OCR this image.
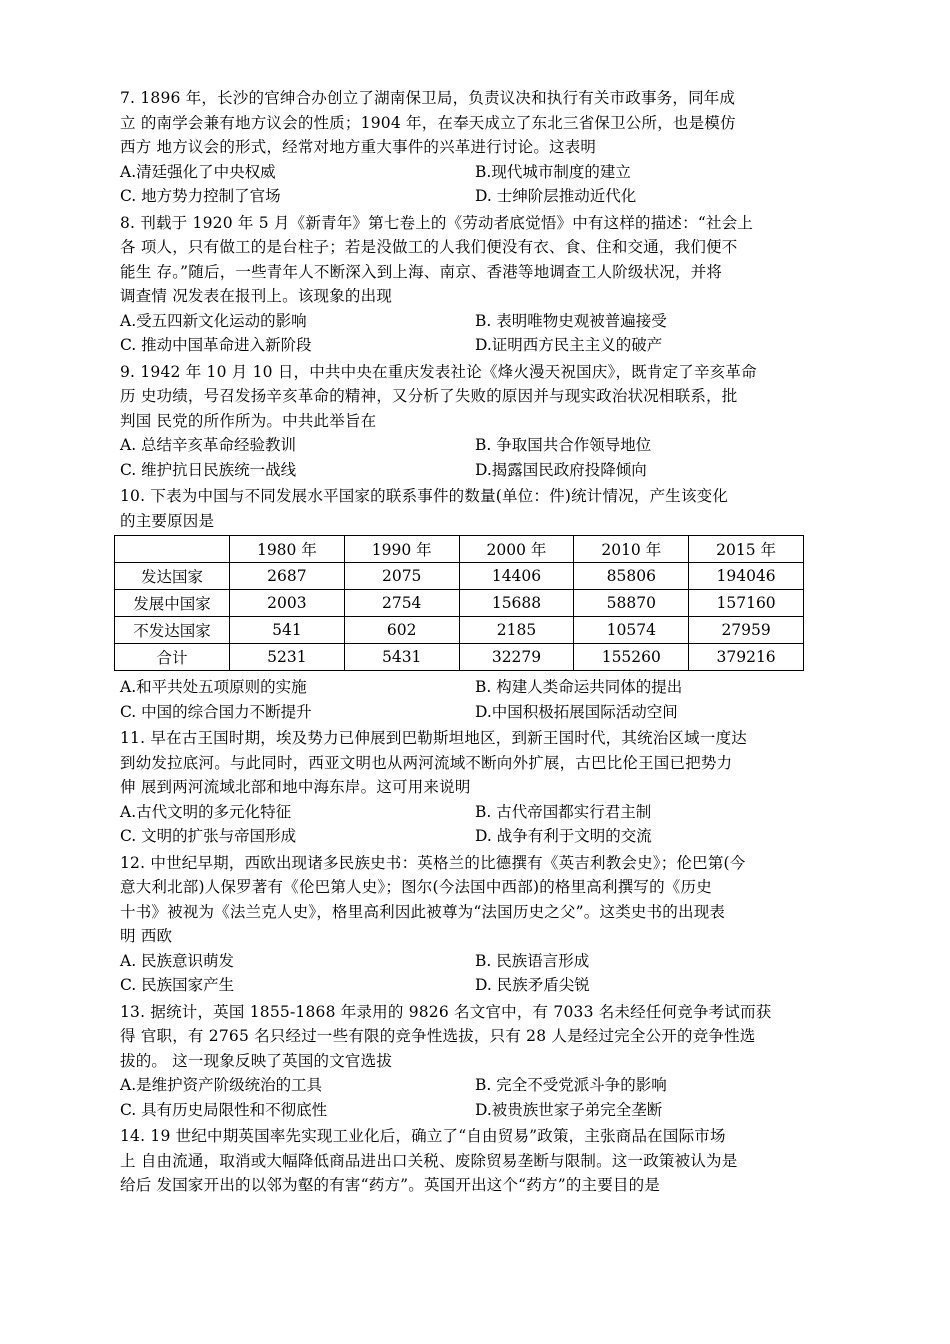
7. 1896 年，长沙的官绅合办创立了湖南保卫局，负责议决和执行有关市政事务，同年成
立 的南学会兼有地方议会的性质；1904 年，在奉天成立了东北三省保卫公所，也是模仿
西方 地方议会的形式，经常对地方重大事件的兴革进行讨论。这表明
A.清廷强化了中央权威	B.现代城市制度的建立
C. 地方势力控制了官场	D. 士绅阶层推动近代化
8. 刊载于 1920 年 5 月《新青年》第七卷上的《劳动者底觉悟》中有这样的描述：“社会上
各 项人，只有做工的是台柱子；若是没做工的人我们便没有衣、食、住和交通，我们便不
能生 存。”随后，一些青年人不断深入到上海、南京、香港等地调查工人阶级状况，并将
调查情 况发表在报刊上。该现象的出现
A.受五四新文化运动的影响	B. 表明唯物史观被普遍接受
C. 推动中国革命进入新阶段	D.证明西方民主主义的破产
9. 1942 年 10 月 10 日，中共中央在重庆发表社论《烽火漫天祝国庆》，既肯定了辛亥革命
历 史功绩，号召发扬辛亥革命的精神，又分析了失败的原因并与现实政治状况相联系，批
判国 民党的所作所为。中共此举旨在
A. 总结辛亥革命经验教训	B. 争取国共合作领导地位
C. 维护抗日民族统一战线	D.揭露国民政府投降倾向
10. 下表为中国与不同发展水平国家的联系事件的数量(单位：件)统计情况，产生该变化
的主要原因是
	1980 年	1990 年	2000 年	2010 年	2015 年
发达国家	2687	2075	14406	85806	194046
发展中国家	2003	2754	15688	58870	157160
不发达国家	541	602	2185	10574	27959
合计	5231	5431	32279	155260	379216
A.和平共处五项原则的实施	B. 构建人类命运共同体的提出
C. 中国的综合国力不断提升	D.中国积极拓展国际活动空间
11. 早在古王国时期，埃及势力已伸展到巴勒斯坦地区，到新王国时代，其统治区域一度达
到幼发拉底河。与此同时，西亚文明也从两河流域不断向外扩展，古巴比伦王国已把势力
伸 展到两河流域北部和地中海东岸。这可用来说明
A.古代文明的多元化特征	B. 古代帝国都实行君主制
C. 文明的扩张与帝国形成	D. 战争有利于文明的交流
12. 中世纪早期，西欧出现诸多民族史书：英格兰的比德撰有《英吉利教会史》；伦巴第(今
意大利北部)人保罗著有《伦巴第人史》；图尔(今法国中西部)的格里高利撰写的《历史
十书》被视为《法兰克人史》，格里高利因此被尊为“法国历史之父”。这类史书的出现表
明 西欧
A. 民族意识萌发	B. 民族语言形成
C. 民族国家产生	D. 民族矛盾尖锐
13. 据统计，英国 1855-1868 年录用的 9826 名文官中，有 7033 名未经任何竞争考试而获
得 官职，有 2765 名只经过一些有限的竞争性选拔，只有 28 人是经过完全公开的竞争性选
拔的。 这一现象反映了英国的文官选拔
A.是维护资产阶级统治的工具	B. 完全不受党派斗争的影响
C. 具有历史局限性和不彻底性	D.被贵族世家子弟完全垄断
14. 19 世纪中期英国率先实现工业化后，确立了“自由贸易”政策，主张商品在国际市场
上 自由流通，取消或大幅降低商品进出口关税、废除贸易垄断与限制。这一政策被认为是
给后 发国家开出的以邻为壑的有害“药方”。英国开出这个“药方”的主要目的是
